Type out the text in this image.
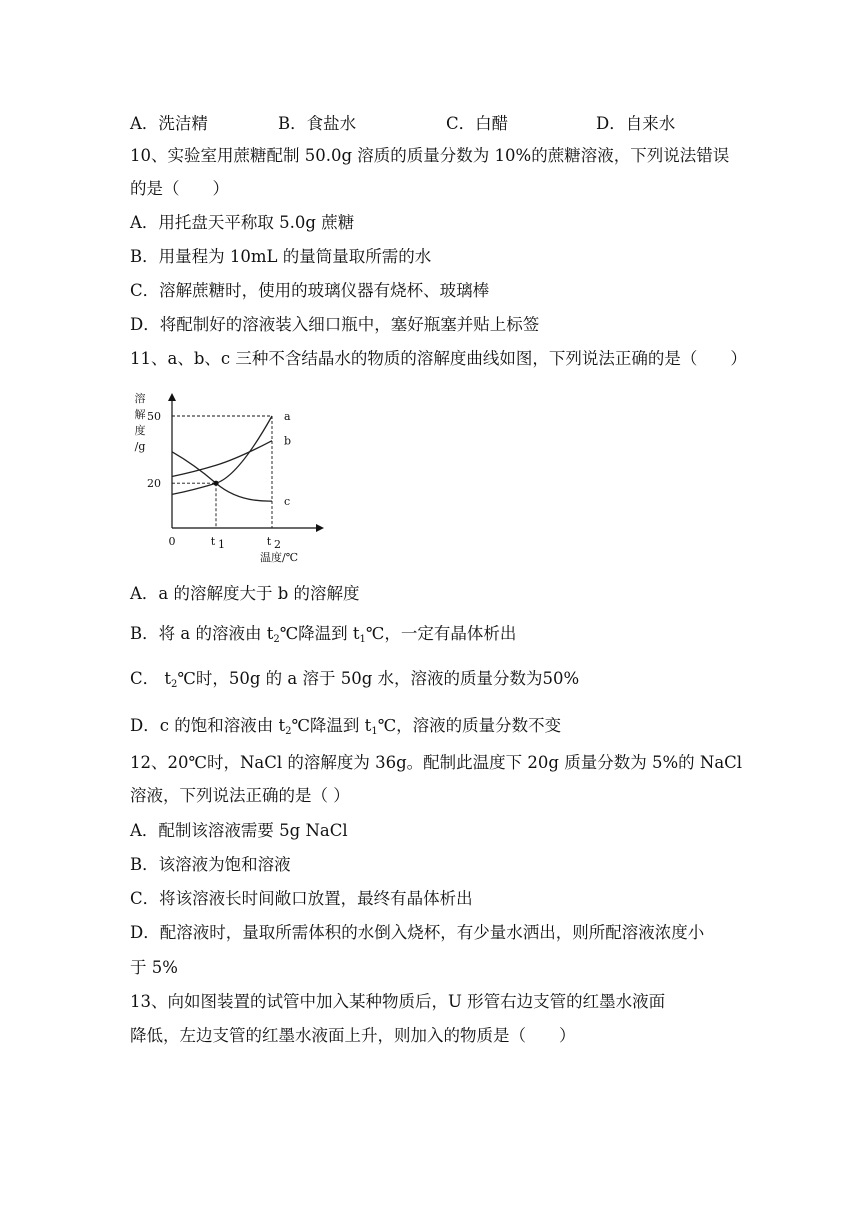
A．洗洁精	B．食盐水	C．白醋	D．自来水
10、实验室用蔗糖配制 50.0g 溶质的质量分数为 10%的蔗糖溶液，下列说法错误
的是（　　）
A．用托盘天平称取 5.0g 蔗糖
B．用量程为 10mL 的量筒量取所需的水
C．溶解蔗糖时，使用的玻璃仪器有烧杯、玻璃棒
D．将配制好的溶液装入细口瓶中，塞好瓶塞并贴上标签
11、a、b、c 三种不含结晶水的物质的溶解度曲线如图，下列说法正确的是（　　）
a
b
c
溶
解
度
/g
50
20
0	t 1	t 2
温度/℃
A．a 的溶解度大于 b 的溶解度
B．将 a 的溶液由 $t_2℃$降温到 $t_1℃$，一定有晶体析出
C． $t_2℃$时，50g 的 a 溶于 50g 水，溶液的质量分数为50%
D．c 的饱和溶液由 $t_2℃$降温到 $t_1℃$，溶液的质量分数不变
12、20℃时，NaCl 的溶解度为 36g。配制此温度下 20g 质量分数为 5%的 NaCl
溶液，下列说法正确的是（ ）
A．配制该溶液需要 5g NaCl
B．该溶液为饱和溶液
C．将该溶液长时间敞口放置，最终有晶体析出
D．配溶液时，量取所需体积的水倒入烧杯，有少量水洒出，则所配溶液浓度小
于 5%
13、向如图装置的试管中加入某种物质后，U 形管右边支管的红墨水液面
降低，左边支管的红墨水液面上升，则加入的物质是（　　）
